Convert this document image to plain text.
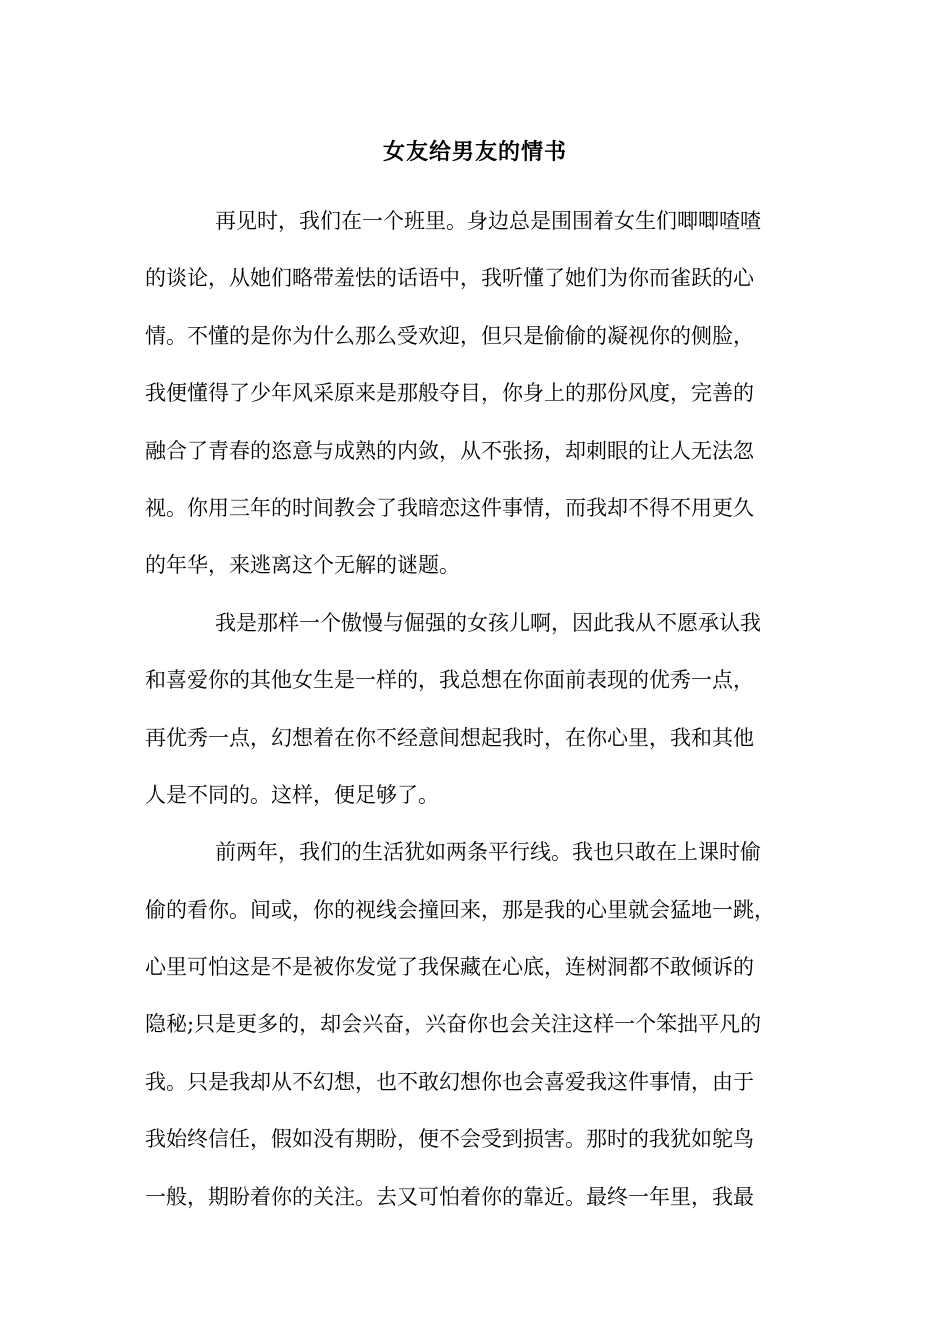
女友给男友的情书
再见时，我们在一个班里。身边总是围围着女生们唧唧喳喳
的谈论，从她们略带羞怯的话语中，我听懂了她们为你而雀跃的心
情。不懂的是你为什么那么受欢迎，但只是偷偷的凝视你的侧脸，
我便懂得了少年风采原来是那般夺目，你身上的那份风度，完善的
融合了青春的恣意与成熟的内敛，从不张扬，却刺眼的让人无法忽
视。你用三年的时间教会了我暗恋这件事情，而我却不得不用更久
的年华，来逃离这个无解的谜题。
我是那样一个傲慢与倔强的女孩儿啊，因此我从不愿承认我
和喜爱你的其他女生是一样的，我总想在你面前表现的优秀一点，
再优秀一点，幻想着在你不经意间想起我时，在你心里，我和其他
人是不同的。这样，便足够了。
前两年，我们的生活犹如两条平行线。我也只敢在上课时偷
偷的看你。间或，你的视线会撞回来，那是我的心里就会猛地一跳，
心里可怕这是不是被你发觉了我保藏在心底，连树洞都不敢倾诉的
隐秘;只是更多的，却会兴奋，兴奋你也会关注这样一个笨拙平凡的
我。只是我却从不幻想，也不敢幻想你也会喜爱我这件事情，由于
我始终信任，假如没有期盼，便不会受到损害。那时的我犹如鸵鸟
一般，期盼着你的关注。去又可怕着你的靠近。最终一年里，我最
